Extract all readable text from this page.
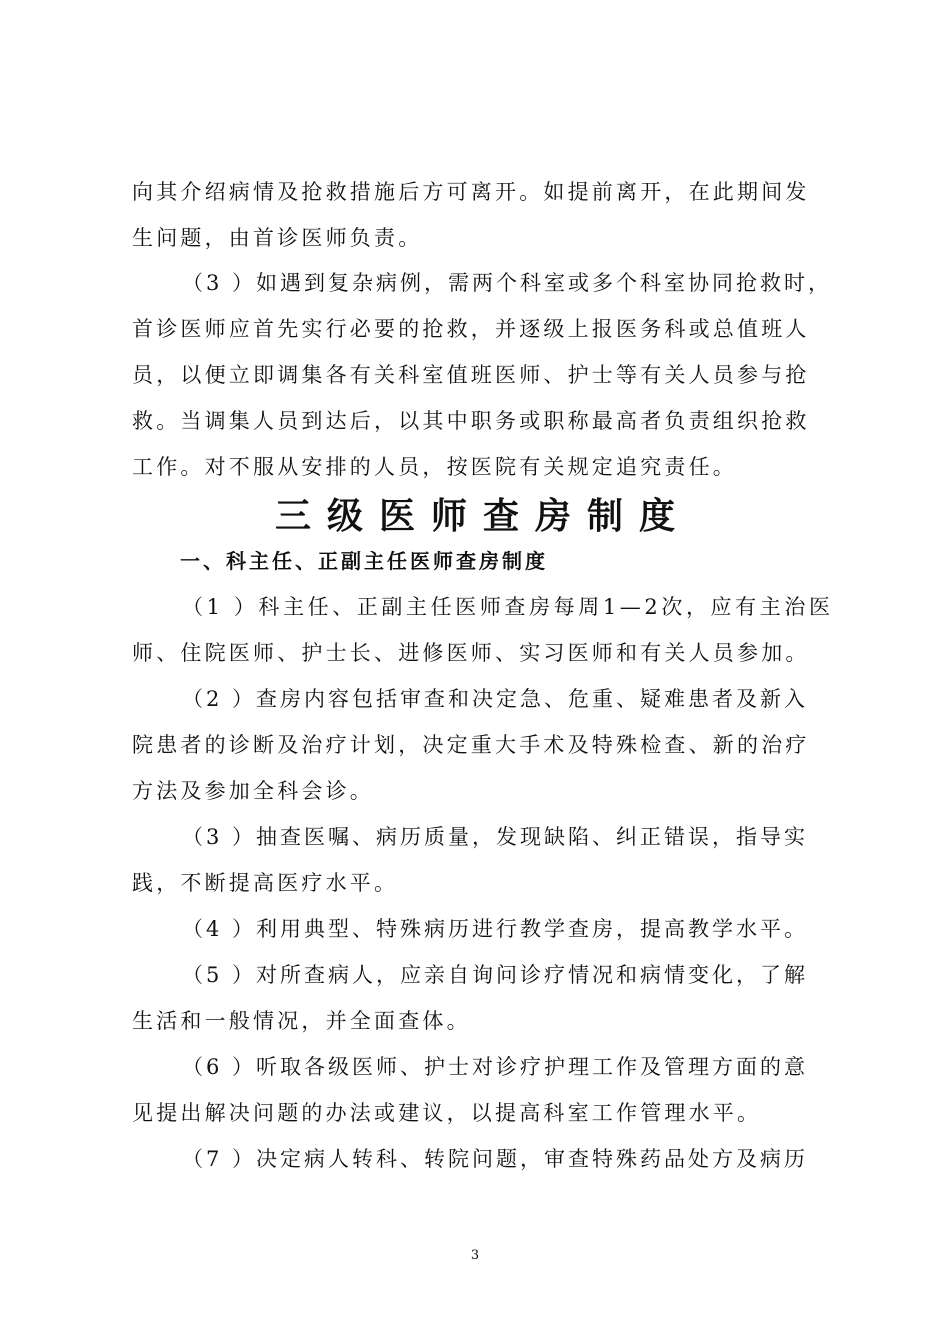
向其介绍病情及抢救措施后方可离开。如提前离开，在此期间发
生问题，由首诊医师负责。
（3 ）如遇到复杂病例，需两个科室或多个科室协同抢救时，
首诊医师应首先实行必要的抢救，并逐级上报医务科或总值班人
员，以便立即调集各有关科室值班医师、护士等有关人员参与抢
救。当调集人员到达后，以其中职务或职称最高者负责组织抢救
工作。对不服从安排的人员，按医院有关规定追究责任。
三级医师查房制度
一、科主任、正副主任医师查房制度
（1 ）科主任、正副主任医师查房每周1—2次，应有主治医
师、住院医师、护士长、进修医师、实习医师和有关人员参加。
（2 ）查房内容包括审查和决定急、危重、疑难患者及新入
院患者的诊断及治疗计划，决定重大手术及特殊检查、新的治疗
方法及参加全科会诊。
（3 ）抽查医嘱、病历质量，发现缺陷、纠正错误，指导实
践，不断提高医疗水平。
（4 ）利用典型、特殊病历进行教学查房，提高教学水平。
（5 ）对所查病人，应亲自询问诊疗情况和病情变化，了解
生活和一般情况，并全面查体。
（6 ）听取各级医师、护士对诊疗护理工作及管理方面的意
见提出解决问题的办法或建议，以提高科室工作管理水平。
（7 ）决定病人转科、转院问题，审查特殊药品处方及病历
3
